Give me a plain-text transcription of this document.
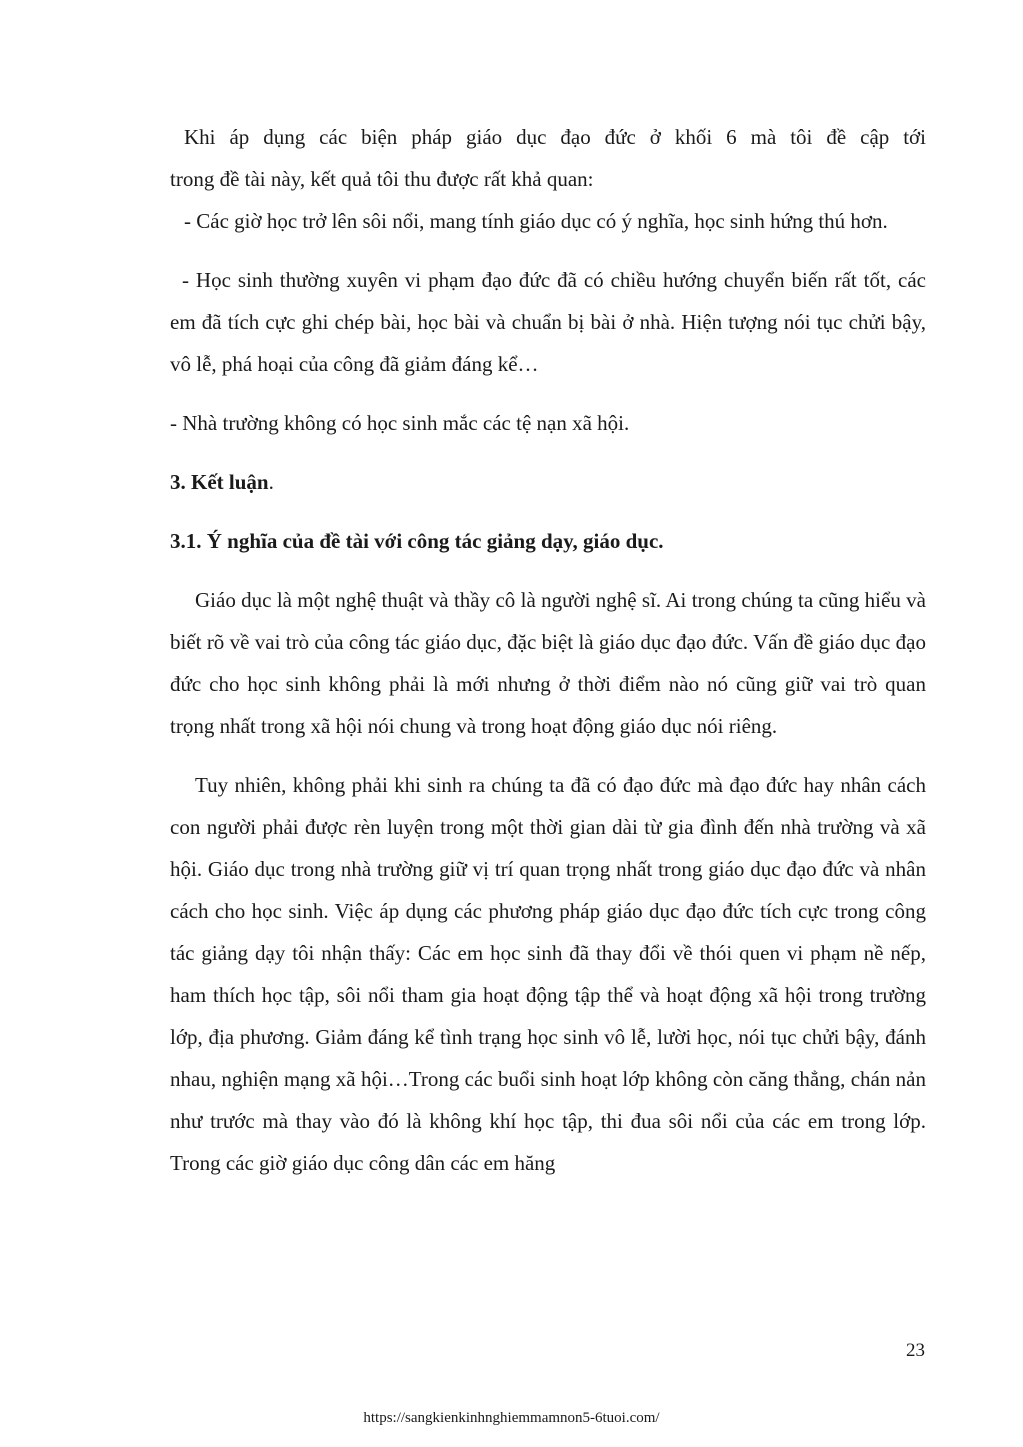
Khi áp dụng các biện pháp giáo dục đạo đức ở khối 6 mà tôi đề cập tới

trong đề tài này, kết quả tôi thu được rất khả quan:

- Các giờ học trở lên sôi nổi, mang tính giáo dục có ý nghĩa, học sinh hứng thú hơn.

- Học sinh thường xuyên vi phạm đạo đức đã có chiều hướng chuyển biến rất tốt, các em đã tích cực ghi chép bài, học bài và chuẩn bị bài ở nhà. Hiện tượng nói tục chửi bậy, vô lễ, phá hoại của công đã giảm đáng kể…

- Nhà trường không có học sinh mắc các tệ nạn xã hội.

3. Kết luận.

3.1. Ý nghĩa của đề tài với công tác giảng dạy, giáo dục.

Giáo dục là một nghệ thuật và thầy cô là người nghệ sĩ. Ai trong chúng ta cũng hiểu và biết rõ về vai trò của công tác giáo dục, đặc biệt là giáo dục đạo đức. Vấn đề giáo dục đạo đức cho học sinh không phải là mới nhưng ở thời điểm nào nó cũng giữ vai trò quan trọng nhất trong xã hội nói chung và trong hoạt động giáo dục nói riêng.

Tuy nhiên, không phải khi sinh ra chúng ta đã có đạo đức mà đạo đức hay nhân cách con người phải được rèn luyện trong một thời gian dài từ gia đình đến nhà trường và xã hội. Giáo dục trong nhà trường giữ vị trí quan trọng nhất trong giáo dục đạo đức và nhân cách cho học sinh. Việc áp dụng các phương pháp giáo dục đạo đức tích cực trong công tác giảng dạy tôi nhận thấy: Các em học sinh đã thay đổi về thói quen vi phạm nề nếp, ham thích học tập, sôi nổi tham gia hoạt động tập thể và hoạt động xã hội trong trường lớp, địa phương. Giảm đáng kể tình trạng học sinh vô lễ, lười học, nói tục chửi bậy, đánh nhau, nghiện mạng xã hội…Trong các buổi sinh hoạt lớp không còn căng thẳng, chán nản như trước mà thay vào đó là không khí học tập, thi đua sôi nổi của các em trong lớp. Trong các giờ giáo dục công dân các em hăng

23
https://sangkienkinhnghiemmamnon5-6tuoi.com/
